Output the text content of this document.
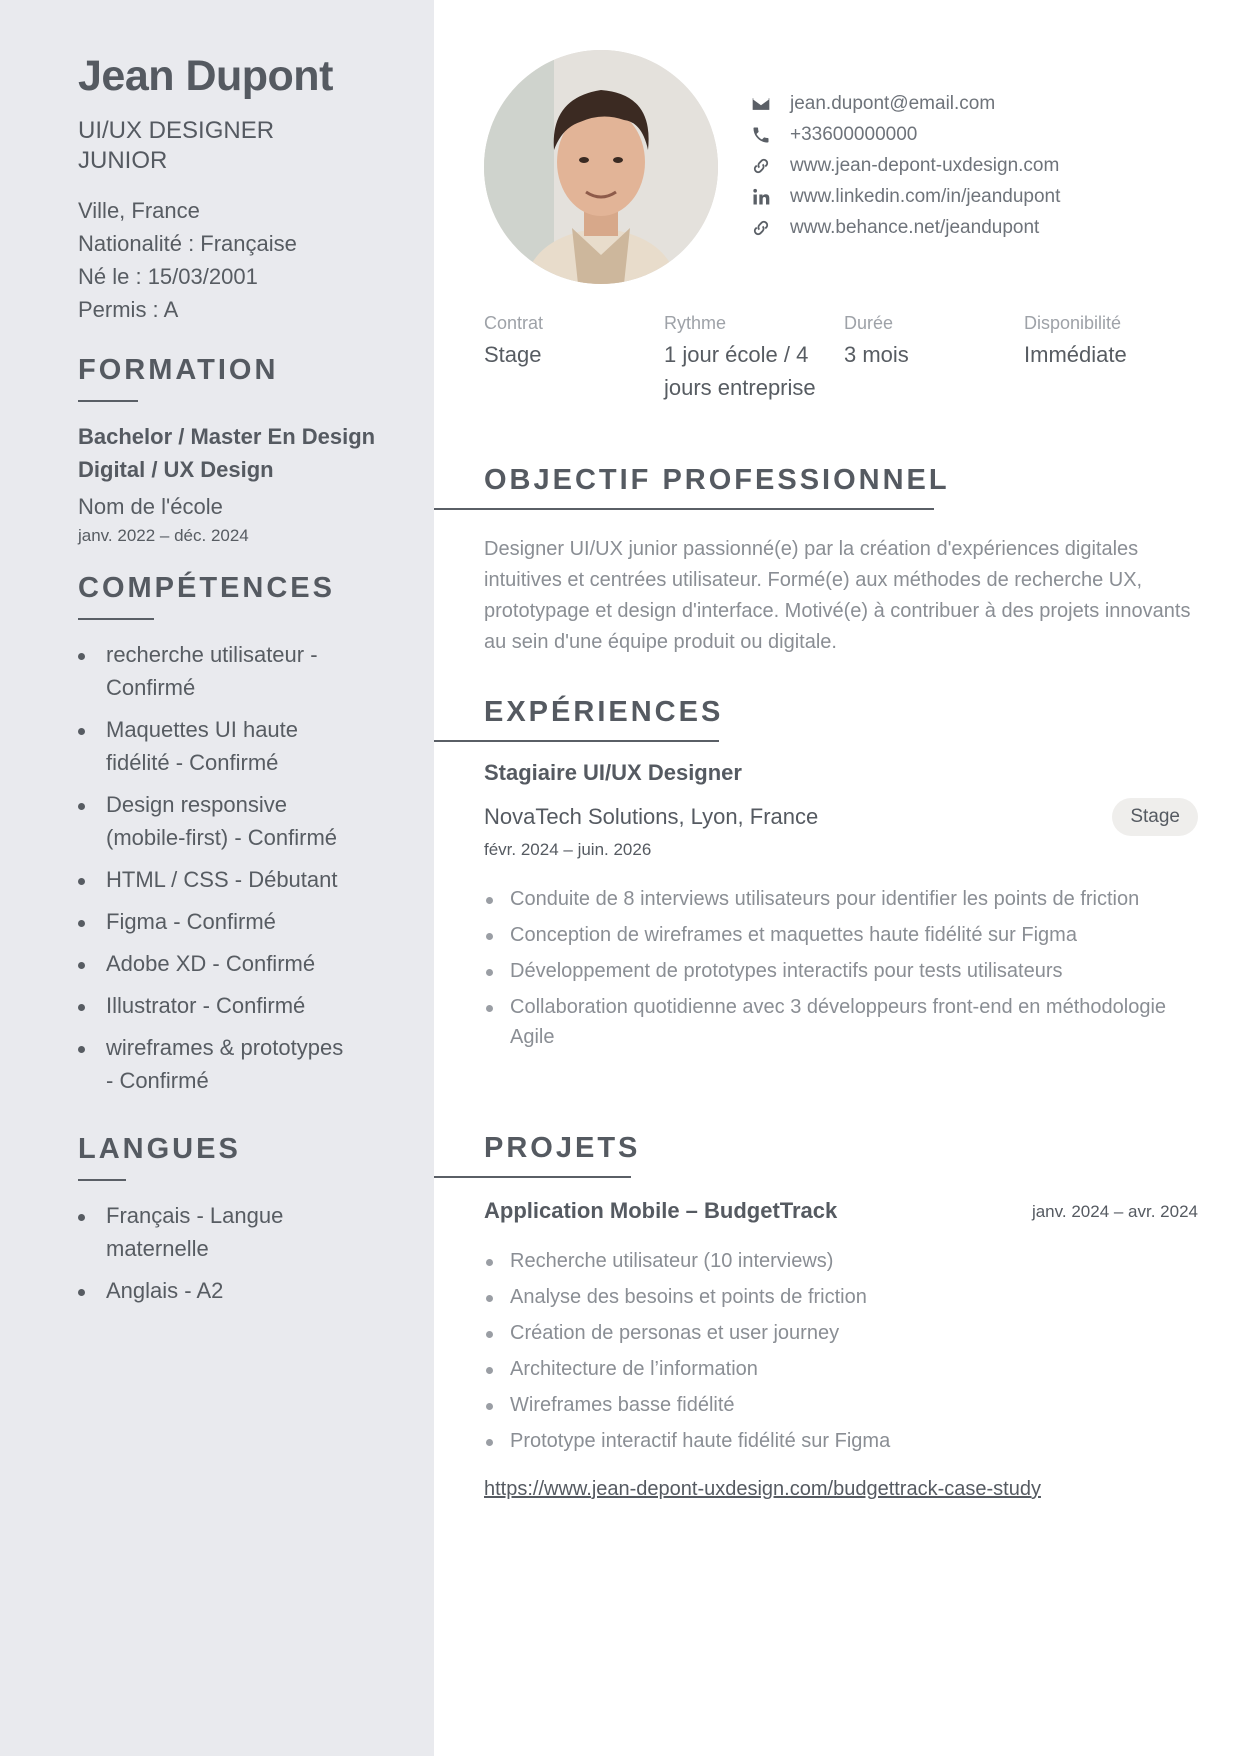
Jean Dupont
UI/UX DESIGNER JUNIOR
Ville, France
Nationalité : Française
Né le : 15/03/2001
Permis : A
FORMATION
Bachelor / Master En Design Digital / UX Design
Nom de l'école
janv. 2022 – déc. 2024
COMPÉTENCES
recherche utilisateur - Confirmé
Maquettes UI haute fidélité - Confirmé
Design responsive (mobile-first) - Confirmé
HTML / CSS - Débutant
Figma - Confirmé
Adobe XD - Confirmé
Illustrator - Confirmé
wireframes & prototypes - Confirmé
LANGUES
Français - Langue maternelle
Anglais - A2
jean.dupont@email.com
+33600000000
www.jean-depont-uxdesign.com
www.linkedin.com/in/jeandupont
www.behance.net/jeandupont
Contrat
Stage
Rythme
1 jour école / 4 jours entreprise
Durée
3 mois
Disponibilité
Immédiate
OBJECTIF PROFESSIONNEL
Designer UI/UX junior passionné(e) par la création d'expériences digitales intuitives et centrées utilisateur. Formé(e) aux méthodes de recherche UX, prototypage et design d'interface. Motivé(e) à contribuer à des projets innovants au sein d'une équipe produit ou digitale.
EXPÉRIENCES
Stagiaire UI/UX Designer
NovaTech Solutions, Lyon, France	Stage
févr. 2024 – juin. 2026
Conduite de 8 interviews utilisateurs pour identifier les points de friction
Conception de wireframes et maquettes haute fidélité sur Figma
Développement de prototypes interactifs pour tests utilisateurs
Collaboration quotidienne avec 3 développeurs front-end en méthodologie Agile
PROJETS
Application Mobile – BudgetTrack	janv. 2024 – avr. 2024
Recherche utilisateur (10 interviews)
Analyse des besoins et points de friction
Création de personas et user journey
Architecture de l’information
Wireframes basse fidélité
Prototype interactif haute fidélité sur Figma
https://www.jean-depont-uxdesign.com/budgettrack-case-study
